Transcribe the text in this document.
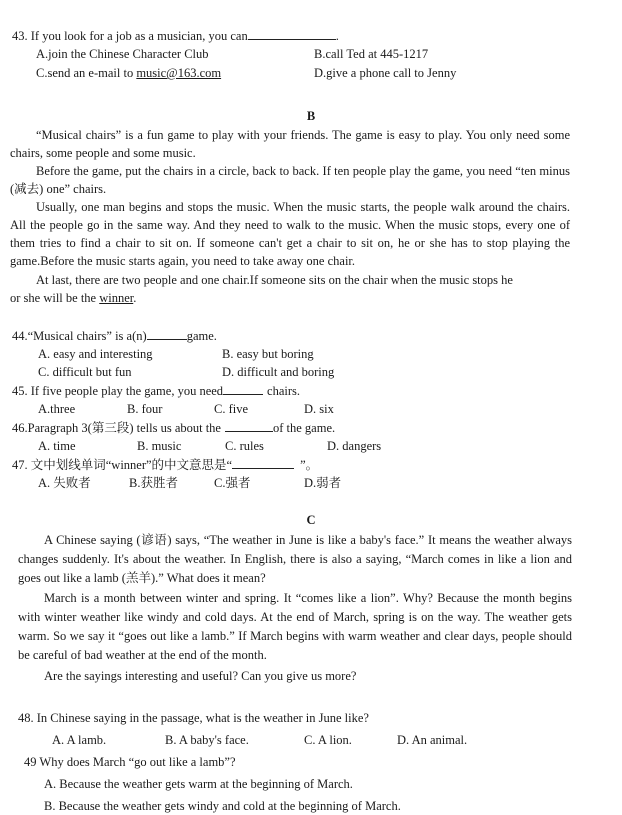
43. If you look for a job as a musician, you can	.
A.join the Chinese Character Club	B.call Ted at 445-1217
C.send an e-mail to music@163.com	D.give a phone call to Jenny
B
“Musical chairs” is a fun game to play with your friends. The game is easy to play. You only need some chairs, some people and some music.
Before the game, put the chairs in a circle, back to back. If ten people play the game, you need “ten minus (减去) one” chairs.
Usually, one man begins and stops the music. When the music starts, the people walk around the chairs. All the people go in the same way. And they need to walk to the music. When the music stops, every one of them tries to find a chair to sit on. If someone can't get a chair to sit on, he or she has to stop playing the game.Before the music starts again, you need to take away one chair.
At last, there are two people and one chair.If someone sits on the chair when the music stops he
or she will be the winner.
44.“Musical chairs” is a(n)	game.
A. easy and interesting	B. easy but boring
C. difficult but fun	D. difficult and boring
45. If five people play the game, you need	chairs.
A.three	B. four	C. five	D. six
46.Paragraph 3(第三段) tells us about the	of the game.
A. time	B. music	C. rules	D. dangers
47. 文中划线单词“winner”的中文意思是“	”。
A. 失败者	B.获胜者	C.强者	D.弱者
C
A Chinese saying (谚语) says, “The weather in June is like a baby's face.” It means the weather always changes suddenly. It's about the weather. In English, there is also a saying, “March comes in like a lion and goes out like a lamb (羔羊).” What does it mean?
March is a month between winter and spring. It “comes like a lion”. Why? Because the month begins with winter weather like windy and cold days. At the end of March, spring is on the way. The weather gets warm. So we say it “goes out like a lamb.” If March begins with warm weather and clear days, people should be careful of bad weather at the end of the month.
Are the sayings interesting and useful? Can you give us more?
48. In Chinese saying in the passage, what is the weather in June like?
A. A lamb.	B. A baby's face.	C. A lion.	D. An animal.
49 Why does March “go out like a lamb”?
A. Because the weather gets warm at the beginning of March.
B. Because the weather gets windy and cold at the beginning of March.
